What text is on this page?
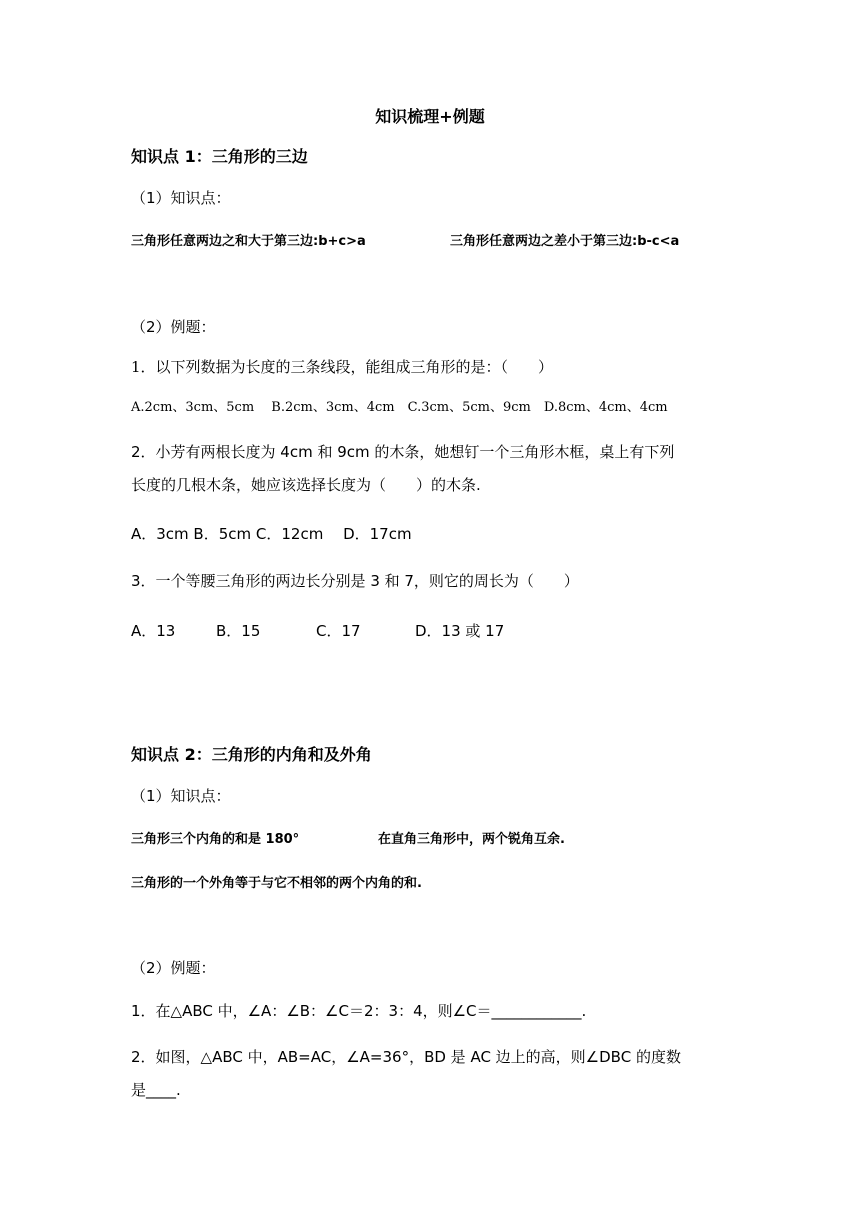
知识梳理+例题
知识点 1：三角形的三边
（1）知识点：
三角形任意两边之和大于第三边:b+c>a	三角形任意两边之差小于第三边:b-c<a
（2）例题：
1．以下列数据为长度的三条线段，能组成三角形的是：（　　）
A.2cm、3cm、5cm　 B.2cm、3cm、4cm　C.3cm、5cm、9cm　D.8cm、4cm、4cm
2．小芳有两根长度为 4cm 和 9cm 的木条，她想钉一个三角形木框，桌上有下列
长度的几根木条，她应该选择长度为（　　）的木条.
A．3cm B．5cm C．12cm　 D．17cm
3．一个等腰三角形的两边长分别是 3 和 7，则它的周长为（　　）
A．13	B．15	C．17	D．13 或 17
知识点 2：三角形的内角和及外角
（1）知识点：
三角形三个内角的和是 180°	在直角三角形中，两个锐角互余.
三角形的一个外角等于与它不相邻的两个内角的和.
（2）例题：
1．在△ABC 中，∠A：∠B：∠C＝2：3：4，则∠C＝____________.
2．如图，△ABC 中，AB=AC，∠A=36°，BD 是 AC 边上的高，则∠DBC 的度数
是____.
